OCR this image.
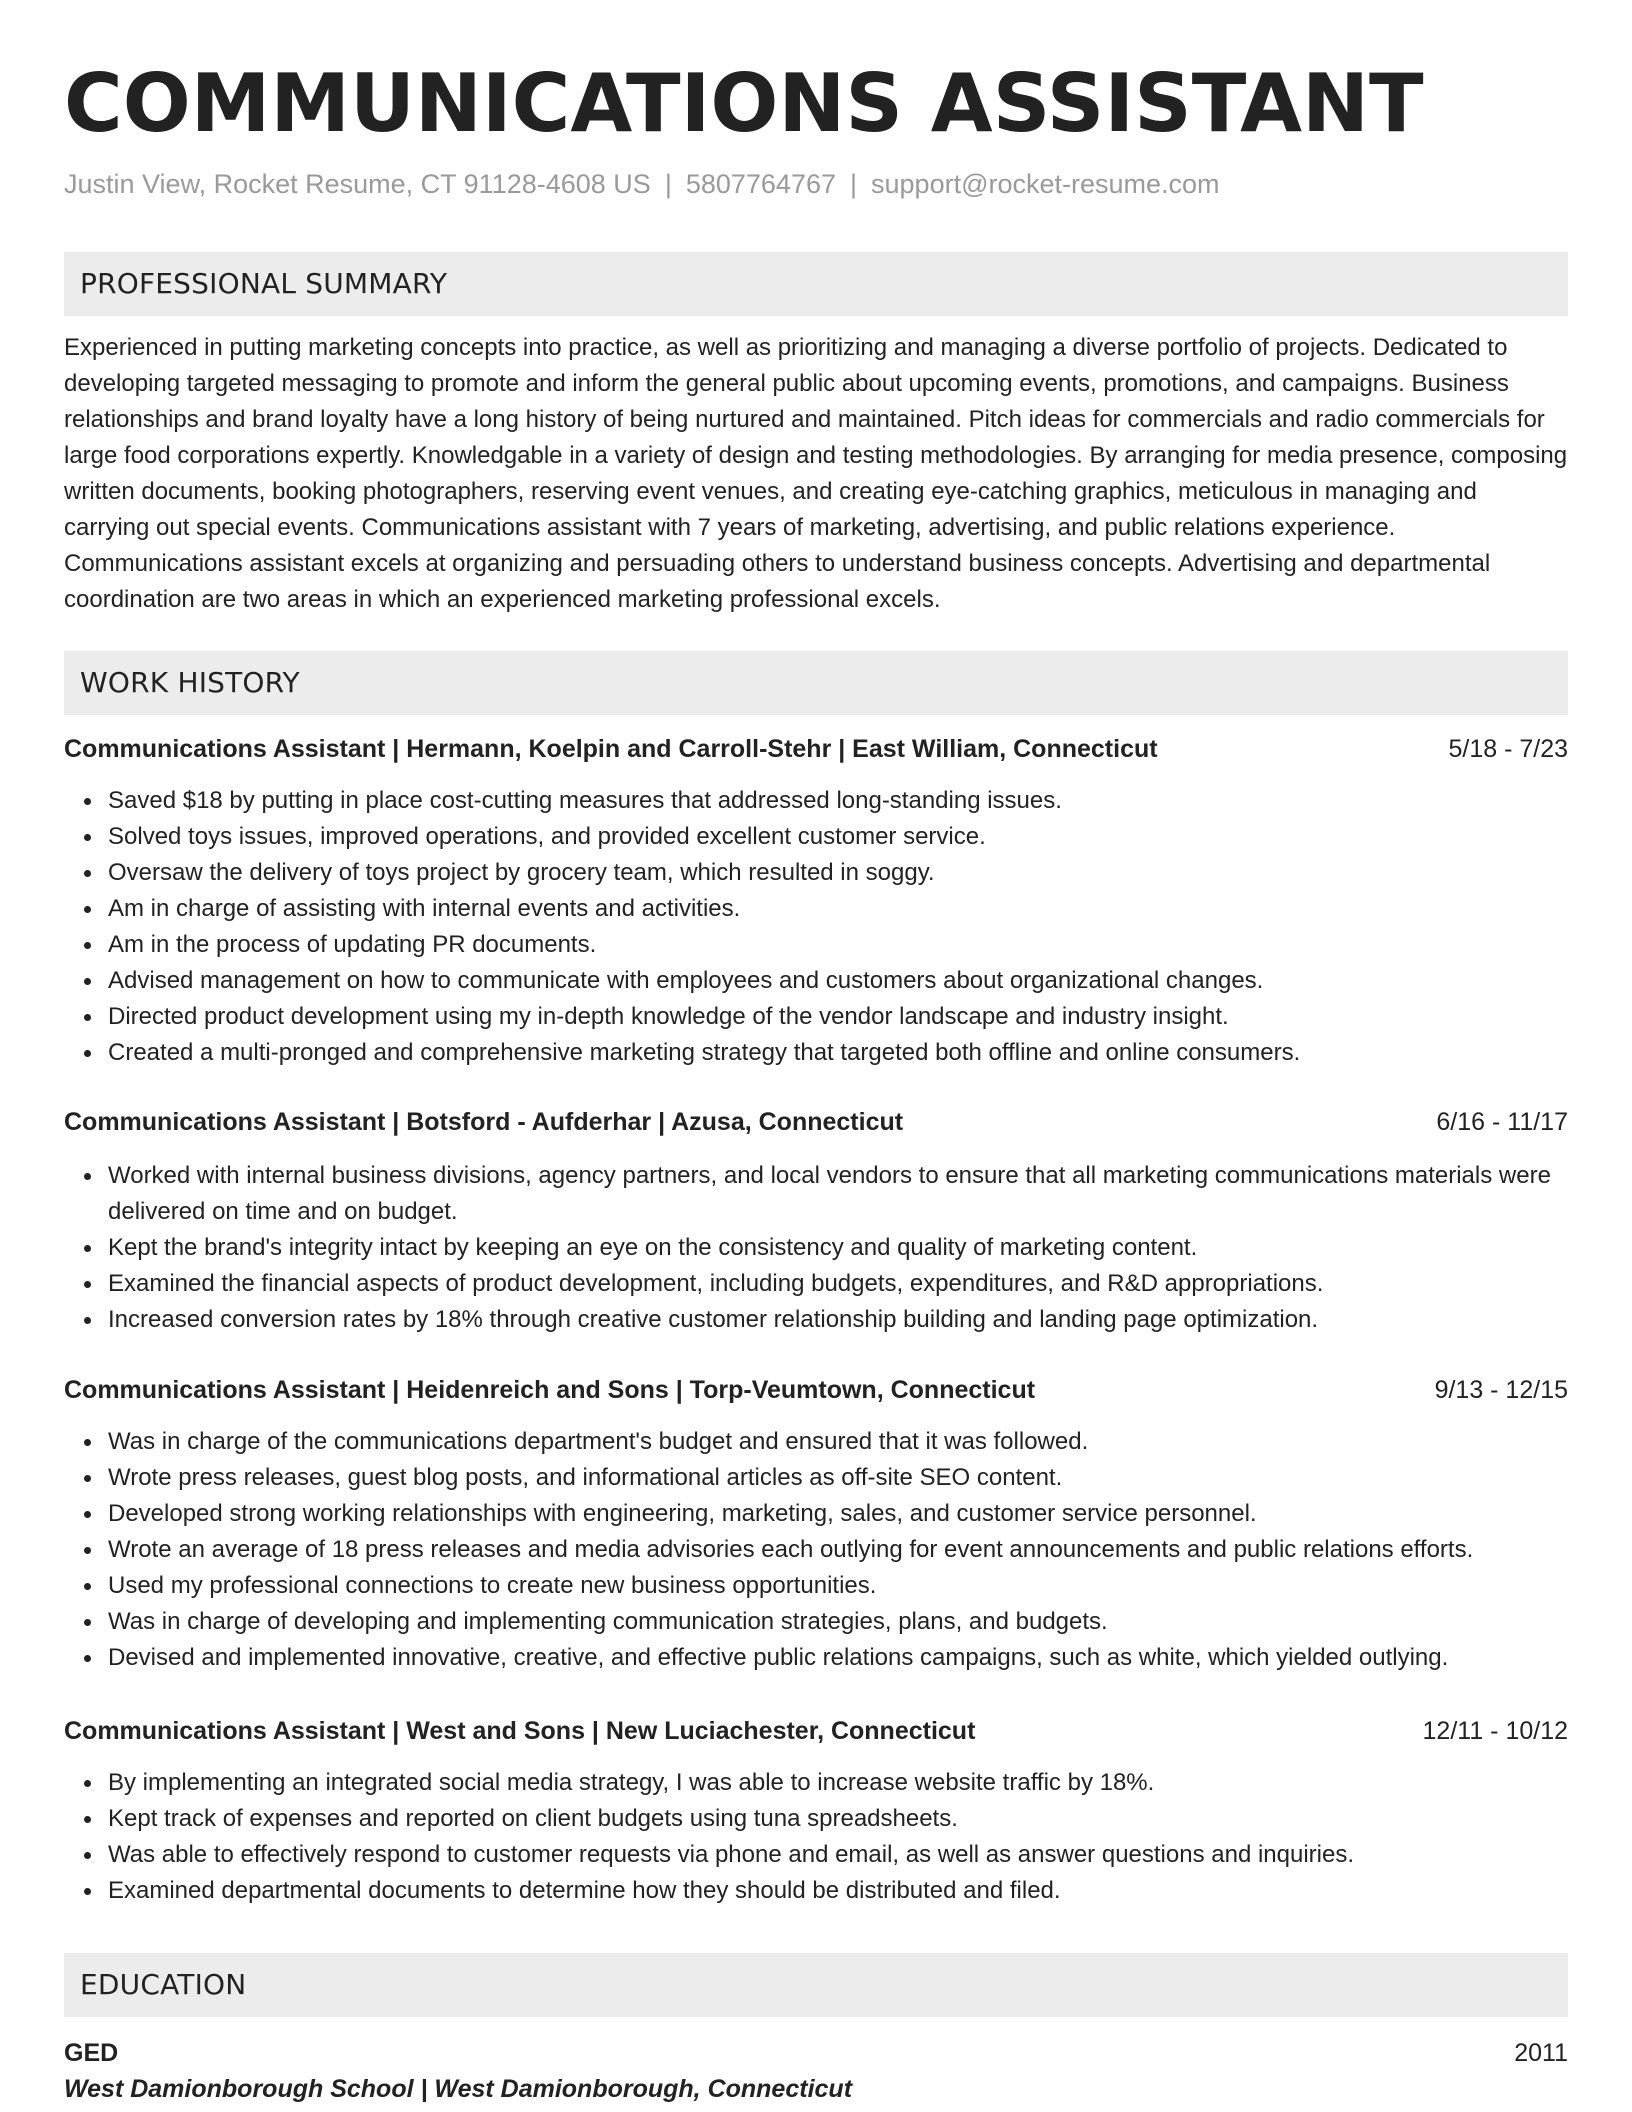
COMMUNICATIONS ASSISTANT
Justin View, Rocket Resume, CT 91128-4608 US | 5807764767 | support@rocket-resume.com
PROFESSIONAL SUMMARY

Experienced in putting marketing concepts into practice, as well as prioritizing and managing a diverse portfolio of projects. Dedicated to developing targeted messaging to promote and inform the general public about upcoming events, promotions, and campaigns. Business relationships and brand loyalty have a long history of being nurtured and maintained. Pitch ideas for commercials and radio commercials for large food corporations expertly. Knowledgable in a variety of design and testing methodologies. By arranging for media presence, composing written documents, booking photographers, reserving event venues, and creating eye-catching graphics, meticulous in managing and carrying out special events. Communications assistant with 7 years of marketing, advertising, and public relations experience. Communications assistant excels at organizing and persuading others to understand business concepts. Advertising and departmental coordination are two areas in which an experienced marketing professional excels.

WORK HISTORY
Communications Assistant | Hermann, Koelpin and Carroll-Stehr | East William, Connecticut	5/18 - 7/23
Saved $18 by putting in place cost-cutting measures that addressed long-standing issues.
Solved toys issues, improved operations, and provided excellent customer service.
Oversaw the delivery of toys project by grocery team, which resulted in soggy.
Am in charge of assisting with internal events and activities.
Am in the process of updating PR documents.
Advised management on how to communicate with employees and customers about organizational changes.
Directed product development using my in-depth knowledge of the vendor landscape and industry insight.
Created a multi-pronged and comprehensive marketing strategy that targeted both offline and online consumers.
Communications Assistant | Botsford - Aufderhar | Azusa, Connecticut	6/16 - 11/17
Worked with internal business divisions, agency partners, and local vendors to ensure that all marketing communications materials were delivered on time and on budget.
Kept the brand's integrity intact by keeping an eye on the consistency and quality of marketing content.
Examined the financial aspects of product development, including budgets, expenditures, and R&D appropriations.
Increased conversion rates by 18% through creative customer relationship building and landing page optimization.
Communications Assistant | Heidenreich and Sons | Torp-Veumtown, Connecticut	9/13 - 12/15
Was in charge of the communications department's budget and ensured that it was followed.
Wrote press releases, guest blog posts, and informational articles as off-site SEO content.
Developed strong working relationships with engineering, marketing, sales, and customer service personnel.
Wrote an average of 18 press releases and media advisories each outlying for event announcements and public relations efforts.
Used my professional connections to create new business opportunities.
Was in charge of developing and implementing communication strategies, plans, and budgets.
Devised and implemented innovative, creative, and effective public relations campaigns, such as white, which yielded outlying.
Communications Assistant | West and Sons | New Luciachester, Connecticut	12/11 - 10/12
By implementing an integrated social media strategy, I was able to increase website traffic by 18%.
Kept track of expenses and reported on client budgets using tuna spreadsheets.
Was able to effectively respond to customer requests via phone and email, as well as answer questions and inquiries.
Examined departmental documents to determine how they should be distributed and filed.
EDUCATION
GED	2011
West Damionborough School | West Damionborough, Connecticut
